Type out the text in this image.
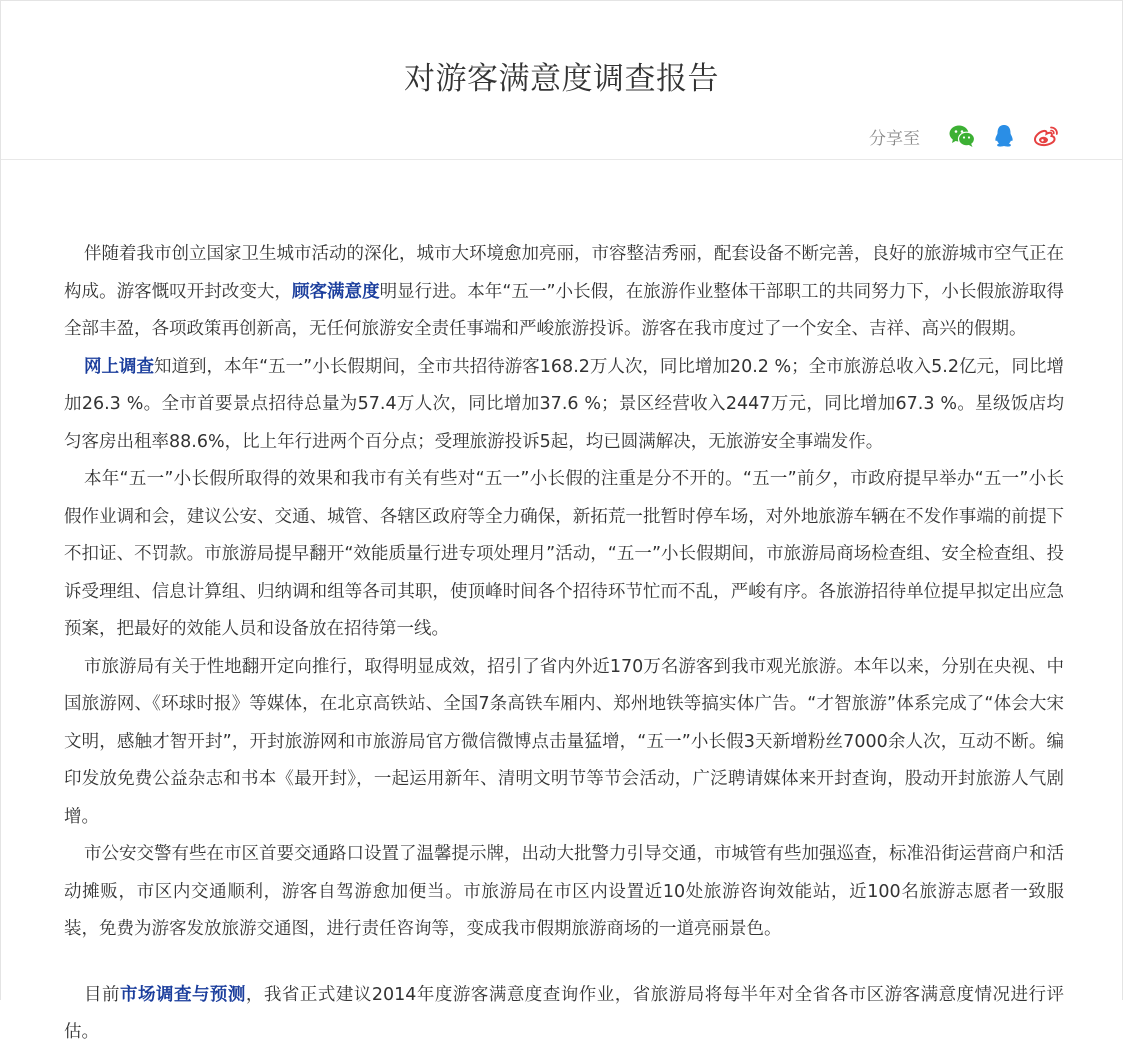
对游客满意度调查报告
分享至

伴随着我市创立国家卫生城市活动的深化，城市大环境愈加亮丽，市容整洁秀丽，配套设备不断完善，良好的旅游城市空气正在构成。游客慨叹开封改变大，顾客满意度明显行进。本年“五一”小长假，在旅游作业整体干部职工的共同努力下，小长假旅游取得全部丰盈，各项政策再创新高，无任何旅游安全责任事端和严峻旅游投诉。游客在我市度过了一个安全、吉祥、高兴的假期。

网上调查知道到，本年“五一”小长假期间，全市共招待游客168.2万人次，同比增加20.2 %；全市旅游总收入5.2亿元，同比增加26.3 %。全市首要景点招待总量为57.4万人次，同比增加37.6 %；景区经营收入2447万元，同比增加67.3 %。星级饭店均匀客房出租率88.6%，比上年行进两个百分点；受理旅游投诉5起，均已圆满解决，无旅游安全事端发作。

本年“五一”小长假所取得的效果和我市有关有些对“五一”小长假的注重是分不开的。“五一”前夕，市政府提早举办“五一”小长假作业调和会，建议公安、交通、城管、各辖区政府等全力确保，新拓荒一批暂时停车场，对外地旅游车辆在不发作事端的前提下不扣证、不罚款。市旅游局提早翻开“效能质量行进专项处理月”活动，“五一”小长假期间，市旅游局商场检查组、安全检查组、投诉受理组、信息计算组、归纳调和组等各司其职，使顶峰时间各个招待环节忙而不乱，严峻有序。各旅游招待单位提早拟定出应急预案，把最好的效能人员和设备放在招待第一线。

市旅游局有关于性地翻开定向推行，取得明显成效，招引了省内外近170万名游客到我市观光旅游。本年以来，分别在央视、中国旅游网、《环球时报》等媒体，在北京高铁站、全国7条高铁车厢内、郑州地铁等搞实体广告。“才智旅游”体系完成了“体会大宋文明，感触才智开封”，开封旅游网和市旅游局官方微信微博点击量猛增，“五一”小长假3天新增粉丝7000余人次，互动不断。编印发放免费公益杂志和书本《最开封》，一起运用新年、清明文明节等节会活动，广泛聘请媒体来开封查询，股动开封旅游人气剧增。

市公安交警有些在市区首要交通路口设置了温馨提示牌，出动大批警力引导交通，市城管有些加强巡查，标准沿街运营商户和活动摊贩，市区内交通顺利，游客自驾游愈加便当。市旅游局在市区内设置近10处旅游咨询效能站，近100名旅游志愿者一致服装，免费为游客发放旅游交通图，进行责任咨询等，变成我市假期旅游商场的一道亮丽景色。

目前市场调查与预测，我省正式建议2014年度游客满意度查询作业，省旅游局将每半年对全省各市区游客满意度情况进行评估。
